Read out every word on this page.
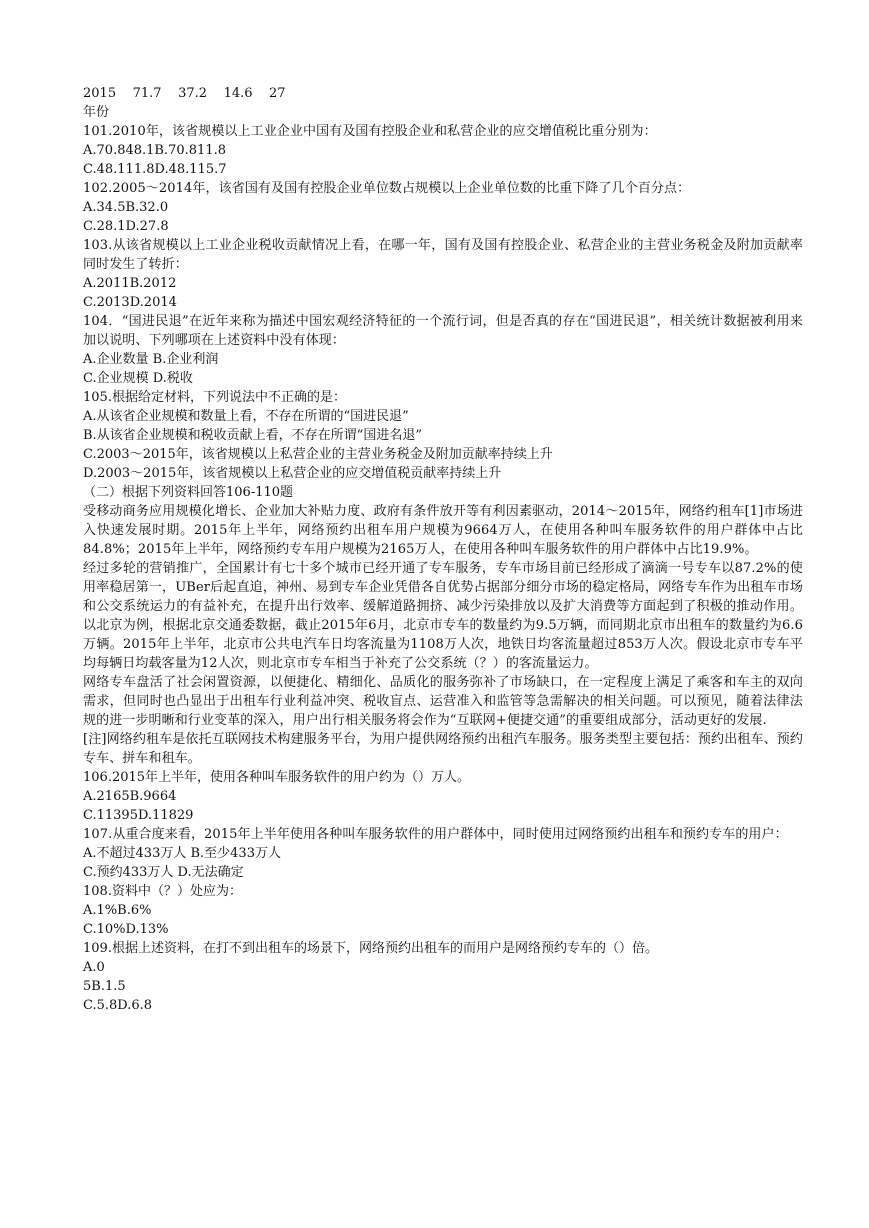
2015    71.7    37.2    14.6    27
年份
101.2010年，该省规模以上工业企业中国有及国有控股企业和私营企业的应交增值税比重分别为：
A.70.848.1B.70.811.8
C.48.111.8D.48.115.7
102.2005～2014年，该省国有及国有控股企业单位数占规模以上企业单位数的比重下降了几个百分点：
A.34.5B.32.0
C.28.1D.27.8
103.从该省规模以上工业企业税收贡献情况上看，在哪一年，国有及国有控股企业、私营企业的主营业务税金及附加贡献率同时发生了转折：
A.2011B.2012
C.2013D.2014
104．“国进民退”在近年来称为描述中国宏观经济特征的一个流行词，但是否真的存在“国进民退”，相关统计数据被利用来加以说明、下列哪项在上述资料中没有体现：
A.企业数量 B.企业利润
C.企业规模 D.税收
105.根据给定材料，下列说法中不正确的是：
A.从该省企业规模和数量上看，不存在所谓的“国进民退”
B.从该省企业规模和税收贡献上看，不存在所谓“国进名退”
C.2003～2015年，该省规模以上私营企业的主营业务税金及附加贡献率持续上升
D.2003～2015年，该省规模以上私营企业的应交增值税贡献率持续上升
（二）根据下列资料回答106-110题
受移动商务应用规模化增长、企业加大补贴力度、政府有条件放开等有利因素驱动，2014～2015年，网络约租车[1]市场进入快速发展时期。2015年上半年，网络预约出租车用户规模为9664万人，在使用各种叫车服务软件的用户群体中占比84.8%；2015年上半年，网络预约专车用户规模为2165万人，在使用各种叫车服务软件的用户群体中占比19.9%。
经过多轮的营销推广，全国累计有七十多个城市已经开通了专车服务，专车市场目前已经形成了滴滴一号专车以87.2%的使用率稳居第一，UBer后起直追，神州、易到专车企业凭借各自优势占据部分细分市场的稳定格局，网络专车作为出租车市场和公交系统运力的有益补充，在提升出行效率、缓解道路拥挤、减少污染排放以及扩大消费等方面起到了积极的推动作用。以北京为例，根据北京交通委数据，截止2015年6月，北京市专车的数量约为9.5万辆，而同期北京市出租车的数量约为6.6万辆。2015年上半年，北京市公共电汽车日均客流量为1108万人次，地铁日均客流量超过853万人次。假设北京市专车平均每辆日均载客量为12人次，则北京市专车相当于补充了公交系统（？）的客流量运力。
网络专车盘活了社会闲置资源，以便捷化、精细化、品质化的服务弥补了市场缺口，在一定程度上满足了乘客和车主的双向需求，但同时也凸显出于出租车行业利益冲突、税收盲点、运营准入和监管等急需解决的相关问题。可以预见，随着法律法规的进一步明晰和行业变革的深入，用户出行相关服务将会作为“互联网+便捷交通”的重要组成部分，活动更好的发展.
[注]网络约租车是依托互联网技术构建服务平台，为用户提供网络预约出租汽车服务。服务类型主要包括：预约出租车、预约专车、拼车和租车。
106.2015年上半年，使用各种叫车服务软件的用户约为（）万人。
A.2165B.9664
C.11395D.11829
107.从重合度来看，2015年上半年使用各种叫车服务软件的用户群体中，同时使用过网络预约出租车和预约专车的用户：
A.不超过433万人 B.至少433万人
C.预约433万人 D.无法确定
108.资料中（？）处应为：
A.1%B.6%
C.10%D.13%
109.根据上述资料，在打不到出租车的场景下，网络预约出租车的而用户是网络预约专车的（）倍。
A.0
5B.1.5
C.5.8D.6.8
